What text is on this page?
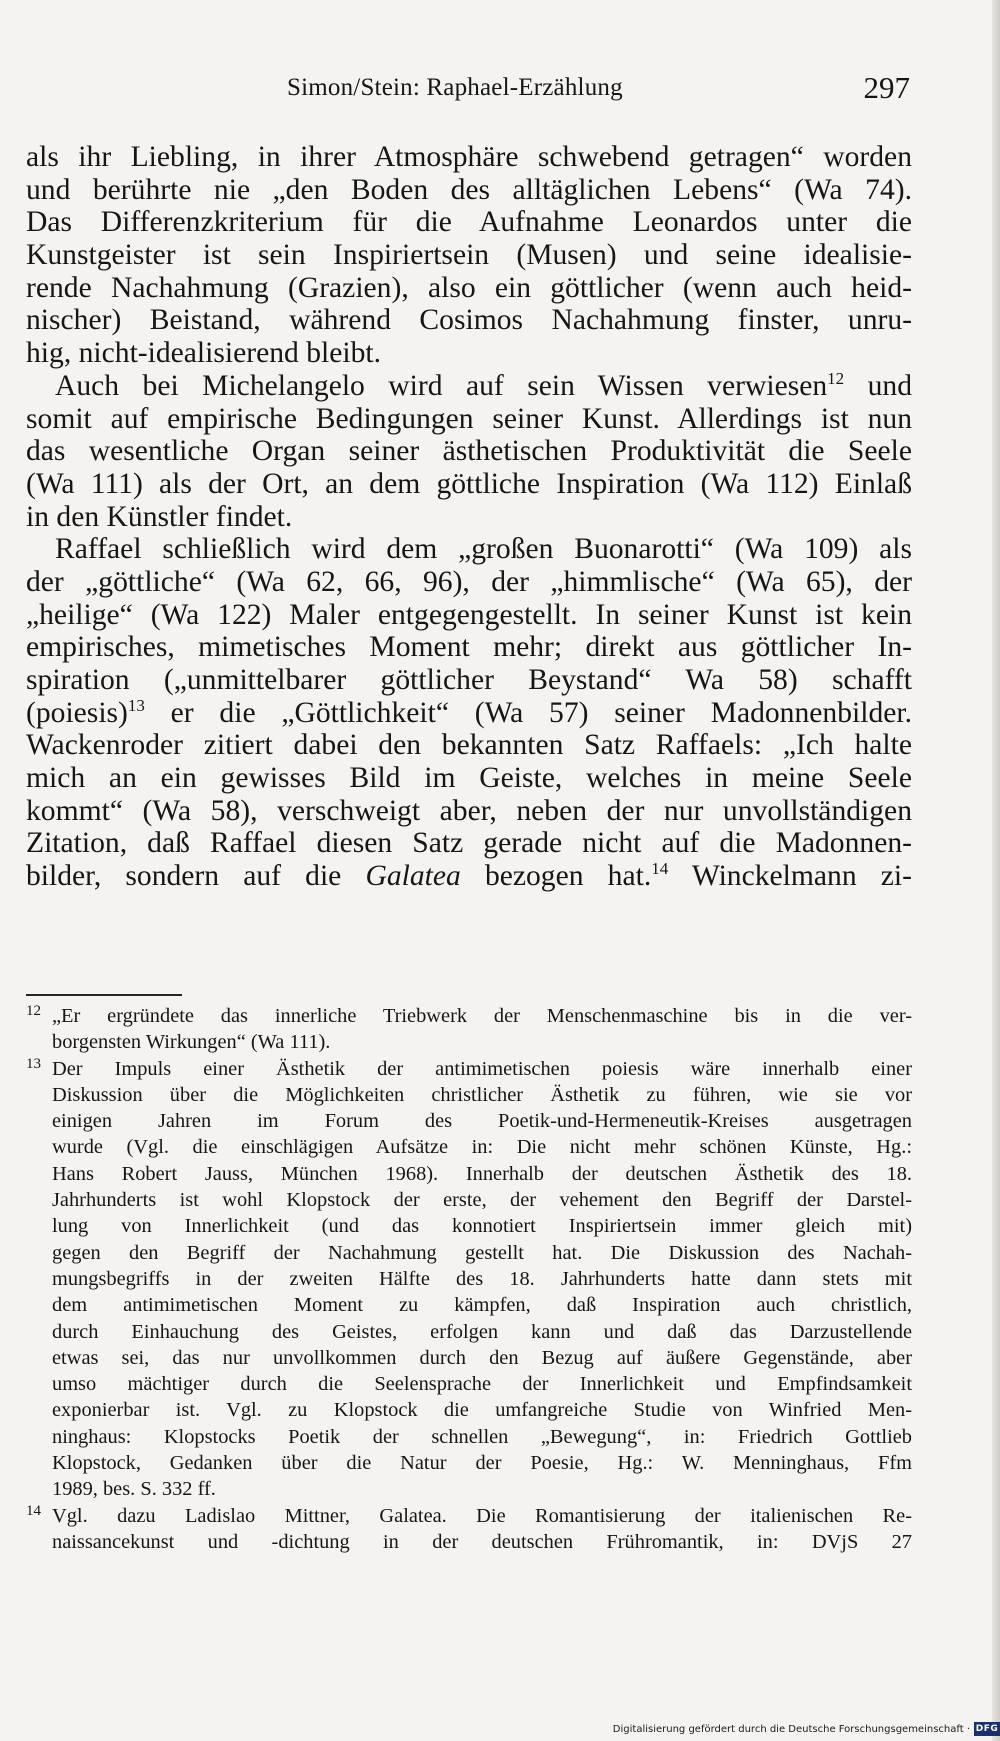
Simon/Stein: Raphael-Erzählung	297
als ihr Liebling, in ihrer Atmosphäre schwebend getragen“ worden
und berührte nie „den Boden des alltäglichen Lebens“ (Wa 74).
Das Differenzkriterium für die Aufnahme Leonardos unter die
Kunstgeister ist sein Inspiriertsein (Musen) und seine idealisie-
rende Nachahmung (Grazien), also ein göttlicher (wenn auch heid-
nischer) Beistand, während Cosimos Nachahmung finster, unru-
hig, nicht-idealisierend bleibt.
Auch bei Michelangelo wird auf sein Wissen verwiesen$^{12}$ und
somit auf empirische Bedingungen seiner Kunst. Allerdings ist nun
das wesentliche Organ seiner ästhetischen Produktivität die Seele
(Wa 111) als der Ort, an dem göttliche Inspiration (Wa 112) Einlaß
in den Künstler findet.
Raffael schließlich wird dem „großen Buonarotti“ (Wa 109) als
der „göttliche“ (Wa 62, 66, 96), der „himmlische“ (Wa 65), der
„heilige“ (Wa 122) Maler entgegengestellt. In seiner Kunst ist kein
empirisches, mimetisches Moment mehr; direkt aus göttlicher In-
spiration („unmittelbarer göttlicher Beystand“ Wa 58) schafft
(poiesis)$^{13}$ er die „Göttlichkeit“ (Wa 57) seiner Madonnenbilder.
Wackenroder zitiert dabei den bekannten Satz Raffaels: „Ich halte
mich an ein gewisses Bild im Geiste, welches in meine Seele
kommt“ (Wa 58), verschweigt aber, neben der nur unvollständigen
Zitation, daß Raffael diesen Satz gerade nicht auf die Madonnen-
bilder, sondern auf die Galatea bezogen hat.$^{14}$ Winckelmann zi-
12 „Er ergründete das innerliche Triebwerk der Menschenmaschine bis in die ver-
borgensten Wirkungen“ (Wa 111).
13 Der Impuls einer Ästhetik der antimimetischen poiesis wäre innerhalb einer
Diskussion über die Möglichkeiten christlicher Ästhetik zu führen, wie sie vor
einigen Jahren im Forum des Poetik-und-Hermeneutik-Kreises ausgetragen
wurde (Vgl. die einschlägigen Aufsätze in: Die nicht mehr schönen Künste, Hg.:
Hans Robert Jauss, München 1968). Innerhalb der deutschen Ästhetik des 18.
Jahrhunderts ist wohl Klopstock der erste, der vehement den Begriff der Darstel-
lung von Innerlichkeit (und das konnotiert Inspiriertsein immer gleich mit)
gegen den Begriff der Nachahmung gestellt hat. Die Diskussion des Nachah-
mungsbegriffs in der zweiten Hälfte des 18. Jahrhunderts hatte dann stets mit
dem antimimetischen Moment zu kämpfen, daß Inspiration auch christlich,
durch Einhauchung des Geistes, erfolgen kann und daß das Darzustellende
etwas sei, das nur unvollkommen durch den Bezug auf äußere Gegenstände, aber
umso mächtiger durch die Seelensprache der Innerlichkeit und Empfindsamkeit
exponierbar ist. Vgl. zu Klopstock die umfangreiche Studie von Winfried Men-
ninghaus: Klopstocks Poetik der schnellen „Bewegung“, in: Friedrich Gottlieb
Klopstock, Gedanken über die Natur der Poesie, Hg.: W. Menninghaus, Ffm
1989, bes. S. 332 ff.
14 Vgl. dazu Ladislao Mittner, Galatea. Die Romantisierung der italienischen Re-
naissancekunst und -dichtung in der deutschen Frühromantik, in: DVjS 27
Digitalisierung gefördert durch die Deutsche Forschungsgemeinschaft · DFG
